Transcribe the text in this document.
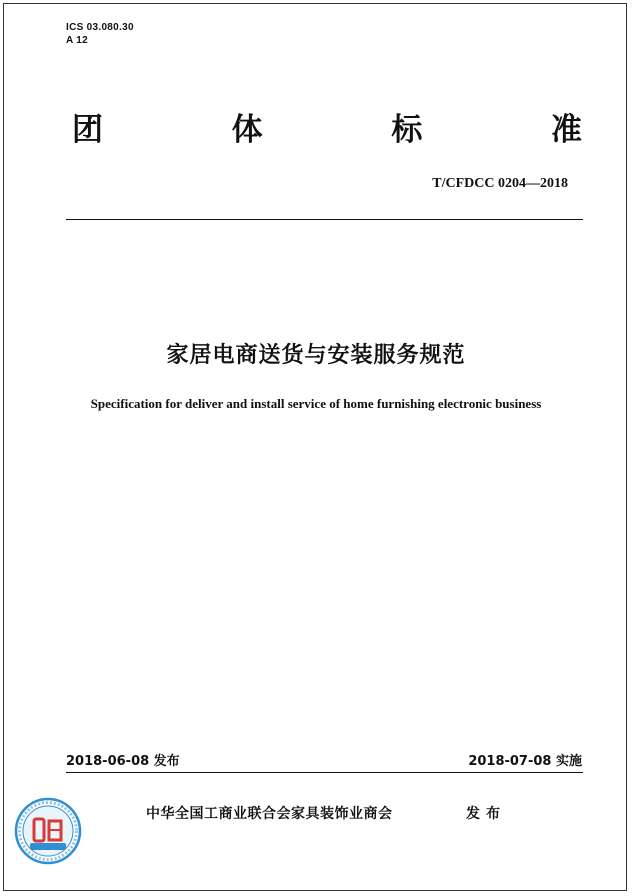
ICS 03.080.30
A 12
团	体	标	准
T/CFDCC 0204—2018
家居电商送货与安装服务规范
Specification for deliver and install service of home furnishing electronic business
2018-06-08 发布	2018-07-08 实施
中华全国工商业联合会家具装饰业商会	发布
